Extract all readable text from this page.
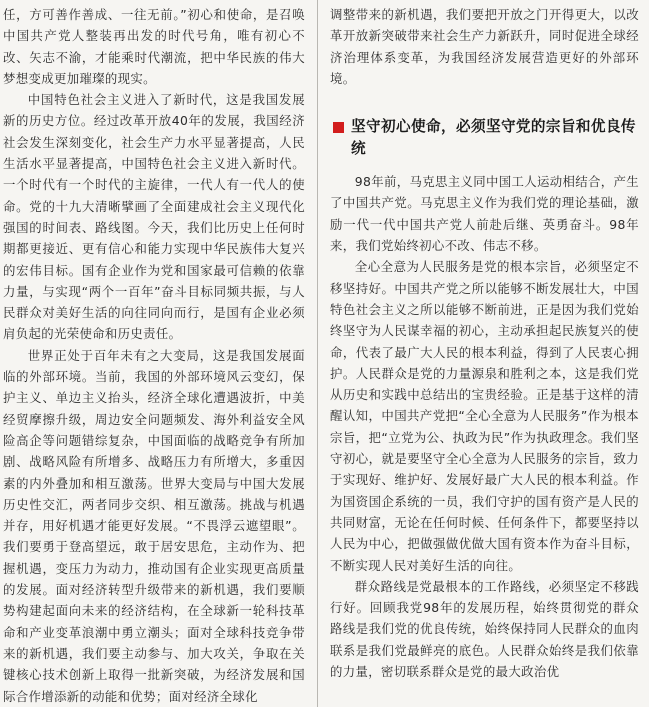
任，方可善作善成、一往无前。”初心和使命，是召唤中国共产党人整装再出发的时代号角，唯有初心不改、矢志不渝，才能乘时代潮流，把中华民族的伟大梦想变成更加璀璨的现实。

中国特色社会主义进入了新时代，这是我国发展新的历史方位。经过改革开放40年的发展，我国经济社会发生深刻变化，社会生产力水平显著提高，人民生活水平显著提高，中国特色社会主义进入新时代。一个时代有一个时代的主旋律，一代人有一代人的使命。党的十九大清晰擘画了全面建成社会主义现代化强国的时间表、路线图。今天，我们比历史上任何时期都更接近、更有信心和能力实现中华民族伟大复兴的宏伟目标。国有企业作为党和国家最可信赖的依靠力量，与实现“两个一百年”奋斗目标同频共振，与人民群众对美好生活的向往同向而行，是国有企业必须肩负起的光荣使命和历史责任。

世界正处于百年未有之大变局，这是我国发展面临的外部环境。当前，我国的外部环境风云变幻，保护主义、单边主义抬头，经济全球化遭遇波折，中美经贸摩擦升级，周边安全问题频发、海外利益安全风险高企等问题错综复杂，中国面临的战略竞争有所加剧、战略风险有所增多、战略压力有所增大，多重因素的内外叠加和相互激荡。世界大变局与中国大发展历史性交汇，两者同步交织、相互激荡。挑战与机遇并存，用好机遇才能更好发展。“不畏浮云遮望眼”。我们要勇于登高望远，敢于居安思危，主动作为、把握机遇，变压力为动力，推动国有企业实现更高质量的发展。面对经济转型升级带来的新机遇，我们要顺势构建起面向未来的经济结构，在全球新一轮科技革命和产业变革浪潮中勇立潮头；面对全球科技竞争带来的新机遇，我们要主动参与、加大攻关，争取在关键核心技术创新上取得一批新突破，为经济发展和国际合作增添新的动能和优势；面对经济全球化

调整带来的新机遇，我们要把开放之门开得更大，以改革开放新突破带来社会生产力新跃升，同时促进全球经济治理体系变革，为我国经济发展营造更好的外部环境。

坚守初心使命，必须坚守党的宗旨和优良传统

98年前，马克思主义同中国工人运动相结合，产生了中国共产党。马克思主义作为我们党的理论基础，激励一代一代中国共产党人前赴后继、英勇奋斗。98年来，我们党始终初心不改、伟志不移。

全心全意为人民服务是党的根本宗旨，必须坚定不移坚持好。中国共产党之所以能够不断发展壮大，中国特色社会主义之所以能够不断前进，正是因为我们党始终坚守为人民谋幸福的初心，主动承担起民族复兴的使命，代表了最广大人民的根本利益，得到了人民衷心拥护。人民群众是党的力量源泉和胜利之本，这是我们党从历史和实践中总结出的宝贵经验。正是基于这样的清醒认知，中国共产党把“全心全意为人民服务”作为根本宗旨，把“立党为公、执政为民”作为执政理念。我们坚守初心，就是要坚守全心全意为人民服务的宗旨，致力于实现好、维护好、发展好最广大人民的根本利益。作为国资国企系统的一员，我们守护的国有资产是人民的共同财富，无论在任何时候、任何条件下，都要坚持以人民为中心，把做强做优做大国有资本作为奋斗目标，不断实现人民对美好生活的向往。

群众路线是党最根本的工作路线，必须坚定不移践行好。回顾我党98年的发展历程，始终贯彻党的群众路线是我们党的优良传统，始终保持同人民群众的血肉联系是我们党最鲜亮的底色。人民群众始终是我们依靠的力量，密切联系群众是党的最大政治优
